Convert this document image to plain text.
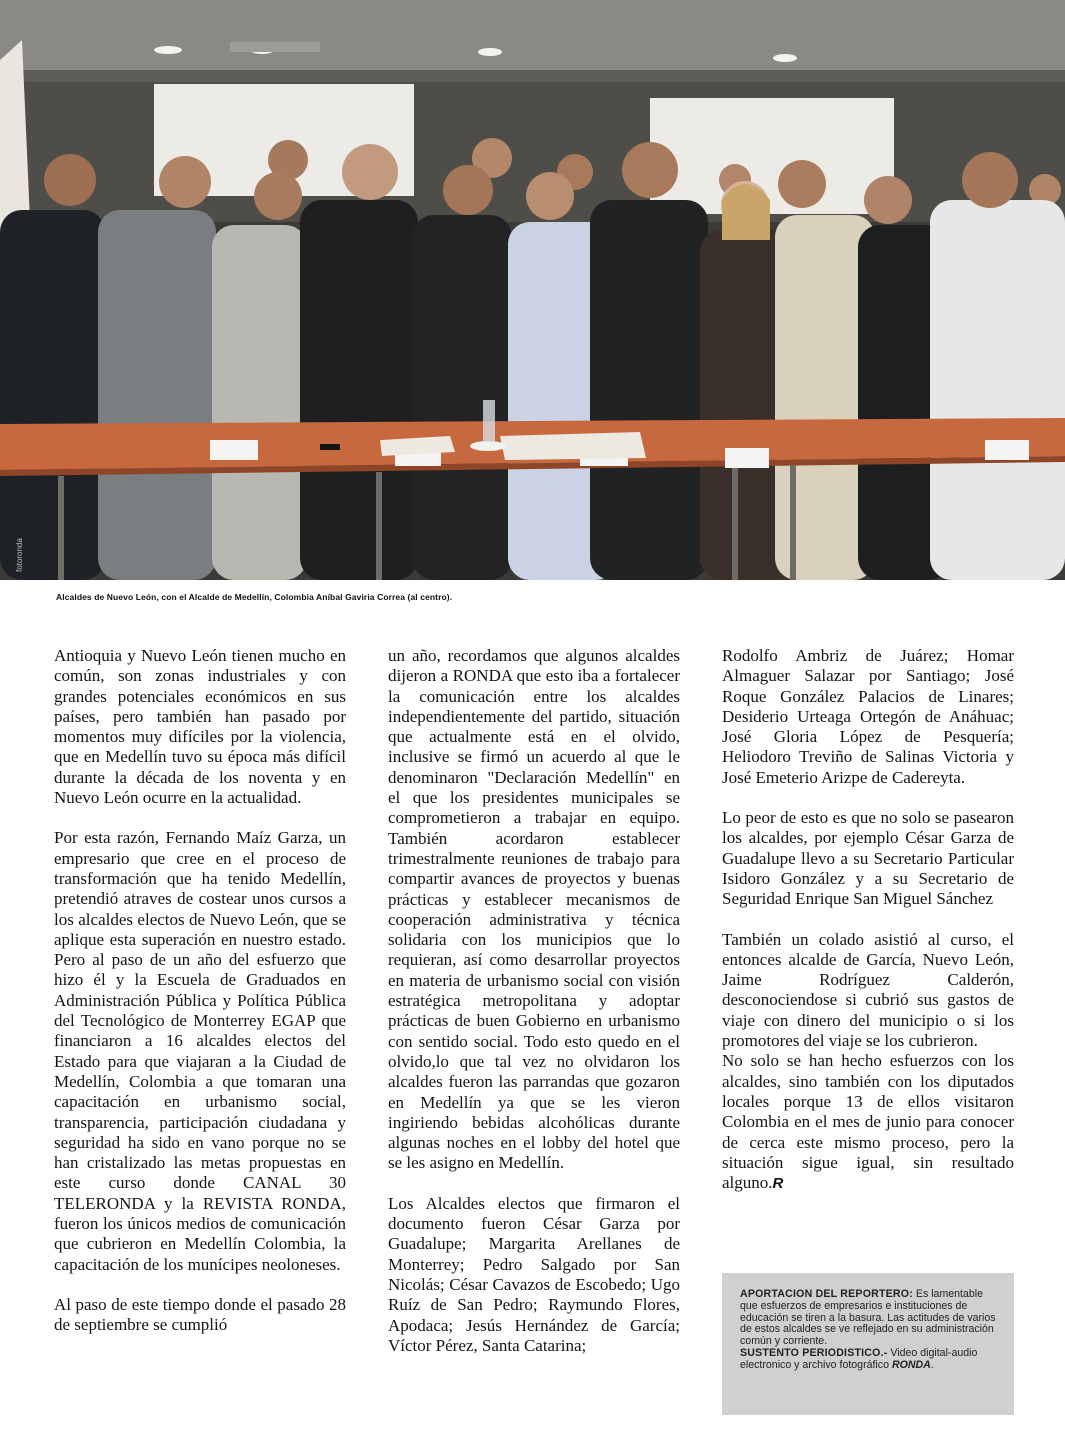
fotoronda
Alcaldes de Nuevo León, con el Alcalde de Medellín, Colombia Aníbal Gaviria Correa (al centro).

Antioquia y Nuevo León tienen mucho en común, son zonas industriales y con grandes potenciales económicos en sus países, pero también han pasado por momentos muy difíciles por la violencia, que en Medellín tuvo su época más difícil durante la década de los noventa y en Nuevo León ocurre en la actualidad.

Por esta razón, Fernando Maíz Garza, un empresario que cree en el proceso de transformación que ha tenido Medellín, pretendió atraves de costear unos cursos a los alcaldes electos de Nuevo León, que se aplique esta superación en nuestro estado. Pero al paso de un año del esfuerzo que hizo él y la Escuela de Graduados en Administración Pública y Política Pública del Tecnológico de Monterrey EGAP que financiaron a 16 alcaldes electos del Estado para que viajaran a la Ciudad de Medellín, Colombia a que tomaran una capacitación en urbanismo social, transparencia, participación ciudadana y seguridad ha sido en vano porque no se han cristalizado las metas propuestas en este curso donde CANAL 30 TELERONDA y la REVISTA RONDA, fueron los únicos medios de comunicación que cubrieron en Medellín Colombia, la capacitación de los munícipes neoloneses.

Al paso de este tiempo donde el pasado 28 de septiembre se cumplió

un año, recordamos que algunos alcaldes dijeron a RONDA que esto iba a fortalecer la comunicación entre los alcaldes independientemente del partido, situación que actualmente está en el olvido, inclusive se firmó un acuerdo al que le denominaron "Declaración Medellín" en el que los presidentes municipales se comprometieron a trabajar en equipo. También acordaron establecer trimestralmente reuniones de trabajo para compartir avances de proyectos y buenas prácticas y establecer mecanismos de cooperación administrativa y técnica solidaria con los municipios que lo requieran, así como desarrollar proyectos en materia de urbanismo social con visión estratégica metropolitana y adoptar prácticas de buen Gobierno en urbanismo con sentido social. Todo esto quedo en el olvido,lo que tal vez no olvidaron los alcaldes fueron las parrandas que gozaron en Medellín ya que se les vieron ingiriendo bebidas alcohólicas durante algunas noches en el lobby del hotel que se les asigno en Medellín.

Los Alcaldes electos que firmaron el documento fueron César Garza por Guadalupe; Margarita Arellanes de Monterrey; Pedro Salgado por San Nicolás; César Cavazos de Escobedo; Ugo Ruíz de San Pedro; Raymundo Flores, Apodaca; Jesús Hernández de García; Víctor Pérez, Santa Catarina;

Rodolfo Ambriz de Juárez; Homar Almaguer Salazar por Santiago; José Roque González Palacios de Linares; Desiderio Urteaga Ortegón de Anáhuac; José Gloria López de Pesquería; Heliodoro Treviño de Salinas Victoria y José Emeterio Arizpe de Cadereyta.

Lo peor de esto es que no solo se pasearon los alcaldes, por ejemplo César Garza de Guadalupe llevo a su Secretario Particular Isidoro González y a su Secretario de Seguridad Enrique San Miguel Sánchez

También un colado asistió al curso, el entonces alcalde de García, Nuevo León, Jaime Rodríguez Calderón, desconociendose si cubrió sus gastos de viaje con dinero del municipio o si los promotores del viaje se los cubrieron.

No solo se han hecho esfuerzos con los alcaldes, sino también con los diputados locales porque 13 de ellos visitaron Colombia en el mes de junio para conocer de cerca este mismo proceso, pero la situación sigue igual, sin resultado alguno.R

APORTACION DEL REPORTERO: Es lamentable que esfuerzos de empresarios e instituciones de educación se tiren a la basura. Las actitudes de varios de estos alcaldes se ve reflejado en su administración común y corriente.
SUSTENTO PERIODISTICO.- Video digital-audio electronico y archivo fotográfico RONDA.
